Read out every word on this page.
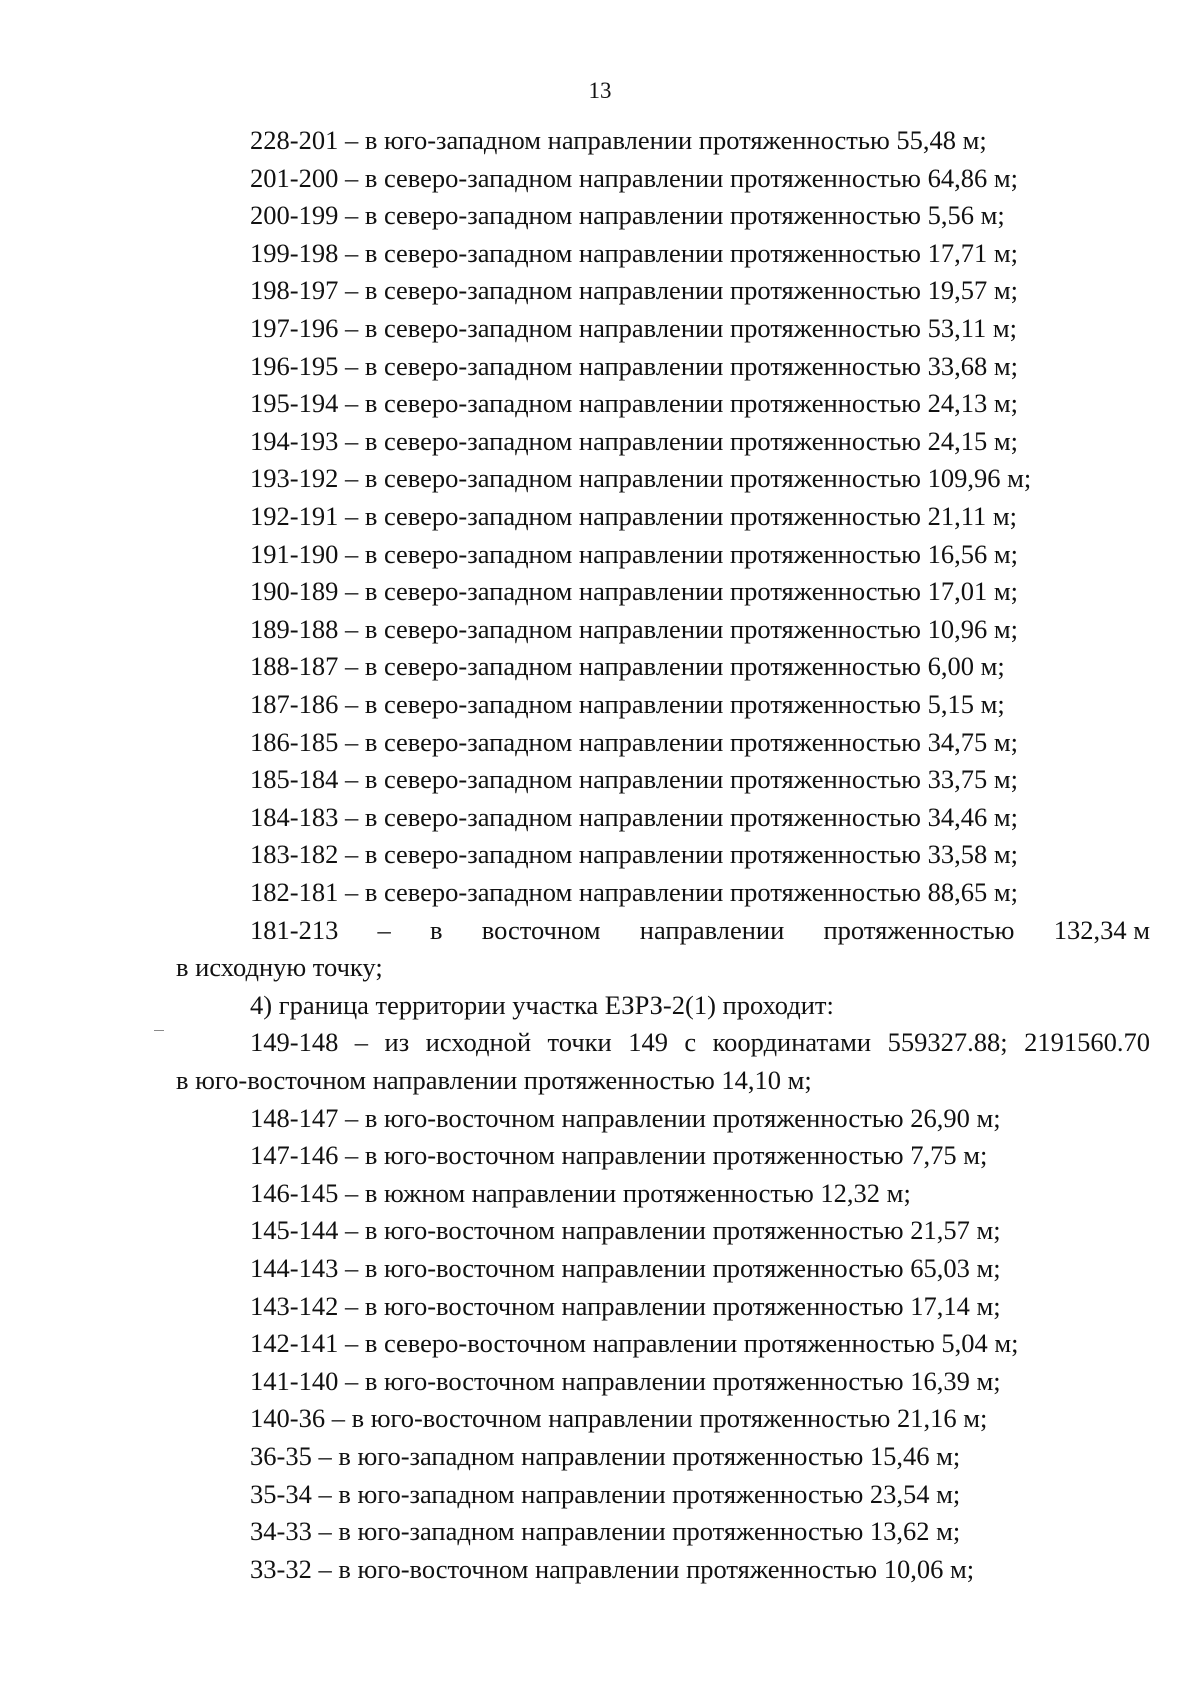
13
228-201 – в юго-западном направлении протяженностью 55,48 м;
201-200 – в северо-западном направлении протяженностью 64,86 м;
200-199 – в северо-западном направлении протяженностью 5,56 м;
199-198 – в северо-западном направлении протяженностью 17,71 м;
198-197 – в северо-западном направлении протяженностью 19,57 м;
197-196 – в северо-западном направлении протяженностью 53,11 м;
196-195 – в северо-западном направлении протяженностью 33,68 м;
195-194 – в северо-западном направлении протяженностью 24,13 м;
194-193 – в северо-западном направлении протяженностью 24,15 м;
193-192 – в северо-западном направлении протяженностью 109,96 м;
192-191 – в северо-западном направлении протяженностью 21,11 м;
191-190 – в северо-западном направлении протяженностью 16,56 м;
190-189 – в северо-западном направлении протяженностью 17,01 м;
189-188 – в северо-западном направлении протяженностью 10,96 м;
188-187 – в северо-западном направлении протяженностью 6,00 м;
187-186 – в северо-западном направлении протяженностью 5,15 м;
186-185 – в северо-западном направлении протяженностью 34,75 м;
185-184 – в северо-западном направлении протяженностью 33,75 м;
184-183 – в северо-западном направлении протяженностью 34,46 м;
183-182 – в северо-западном направлении протяженностью 33,58 м;
182-181 – в северо-западном направлении протяженностью 88,65 м;
181-213 – в восточном направлении протяженностью 132,34 м
в исходную точку;
4) граница территории участка ЕЗРЗ-2(1) проходит:
149-148 – из исходной точки 149 с координатами 559327.88; 2191560.70
в юго-восточном направлении протяженностью 14,10 м;
148-147 – в юго-восточном направлении протяженностью 26,90 м;
147-146 – в юго-восточном направлении протяженностью 7,75 м;
146-145 – в южном направлении протяженностью 12,32 м;
145-144 – в юго-восточном направлении протяженностью 21,57 м;
144-143 – в юго-восточном направлении протяженностью 65,03 м;
143-142 – в юго-восточном направлении протяженностью 17,14 м;
142-141 – в северо-восточном направлении протяженностью 5,04 м;
141-140 – в юго-восточном направлении протяженностью 16,39 м;
140-36 – в юго-восточном направлении протяженностью 21,16 м;
36-35 – в юго-западном направлении протяженностью 15,46 м;
35-34 – в юго-западном направлении протяженностью 23,54 м;
34-33 – в юго-западном направлении протяженностью 13,62 м;
33-32 – в юго-восточном направлении протяженностью 10,06 м;
